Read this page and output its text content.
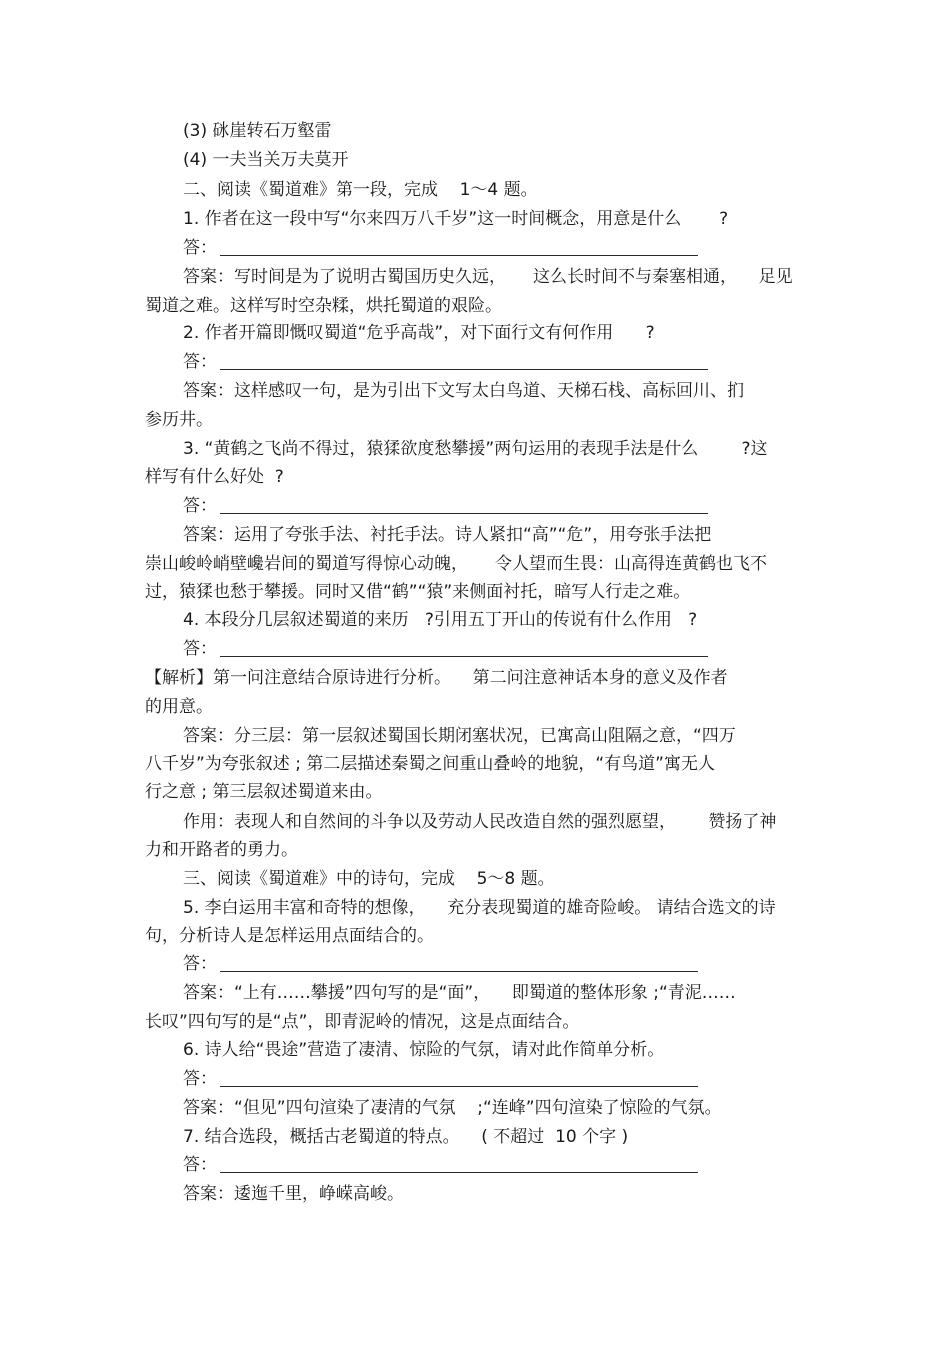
(3) 砯崖转石万壑雷
(4) 一夫当关万夫莫开
二、阅读《蜀道难》第一段，完成    1～4 题。
1. 作者在这一段中写“尔来四万八千岁”这一时间概念，用意是什么       ?
答：
答案：写时间是为了说明古蜀国历史久远，     这么长时间不与秦塞相通，    足见
蜀道之难。这样写时空杂糅，烘托蜀道的艰险。
2. 作者开篇即慨叹蜀道“危乎高哉”，对下面行文有何作用      ?
答：
答案：这样感叹一句，是为引出下文写太白鸟道、天梯石栈、高标回川、扪
参历井。
3. “黄鹤之飞尚不得过，猿猱欲度愁攀援”两句运用的表现手法是什么        ?这
样写有什么好处  ?
答：
答案：运用了夸张手法、衬托手法。诗人紧扣“高”“危”，用夸张手法把
崇山峻岭峭壁巉岩间的蜀道写得惊心动魄，     令人望而生畏：山高得连黄鹤也飞不
过，猿猱也愁于攀援。同时又借“鹤”“猿”来侧面衬托，暗写人行走之难。
4. 本段分几层叙述蜀道的来历   ?引用五丁开山的传说有什么作用   ?
答：
【解析】第一问注意结合原诗进行分析。    第二问注意神话本身的意义及作者
的用意。
答案：分三层：第一层叙述蜀国长期闭塞状况，已寓高山阻隔之意，“四万
八千岁”为夸张叙述 ; 第二层描述秦蜀之间重山叠岭的地貌，“有鸟道”寓无人
行之意 ; 第三层叙述蜀道来由。
作用：表现人和自然间的斗争以及劳动人民改造自然的强烈愿望，      赞扬了神
力和开路者的勇力。
三、阅读《蜀道难》中的诗句，完成    5～8 题。
5. 李白运用丰富和奇特的想像，    充分表现蜀道的雄奇险峻。 请结合选文的诗
句，分析诗人是怎样运用点面结合的。
答：
答案：“上有……攀援”四句写的是“面”，    即蜀道的整体形象 ;“青泥……
长叹”四句写的是“点”，即青泥岭的情况，这是点面结合。
6. 诗人给“畏途”营造了凄清、惊险的气氛，请对此作简单分析。
答：
答案：“但见”四句渲染了凄清的气氛    ;“连峰”四句渲染了惊险的气氛。
7. 结合选段，概括古老蜀道的特点。    ( 不超过  10 个字 )
答：
答案：逶迤千里，峥嵘高峻。
